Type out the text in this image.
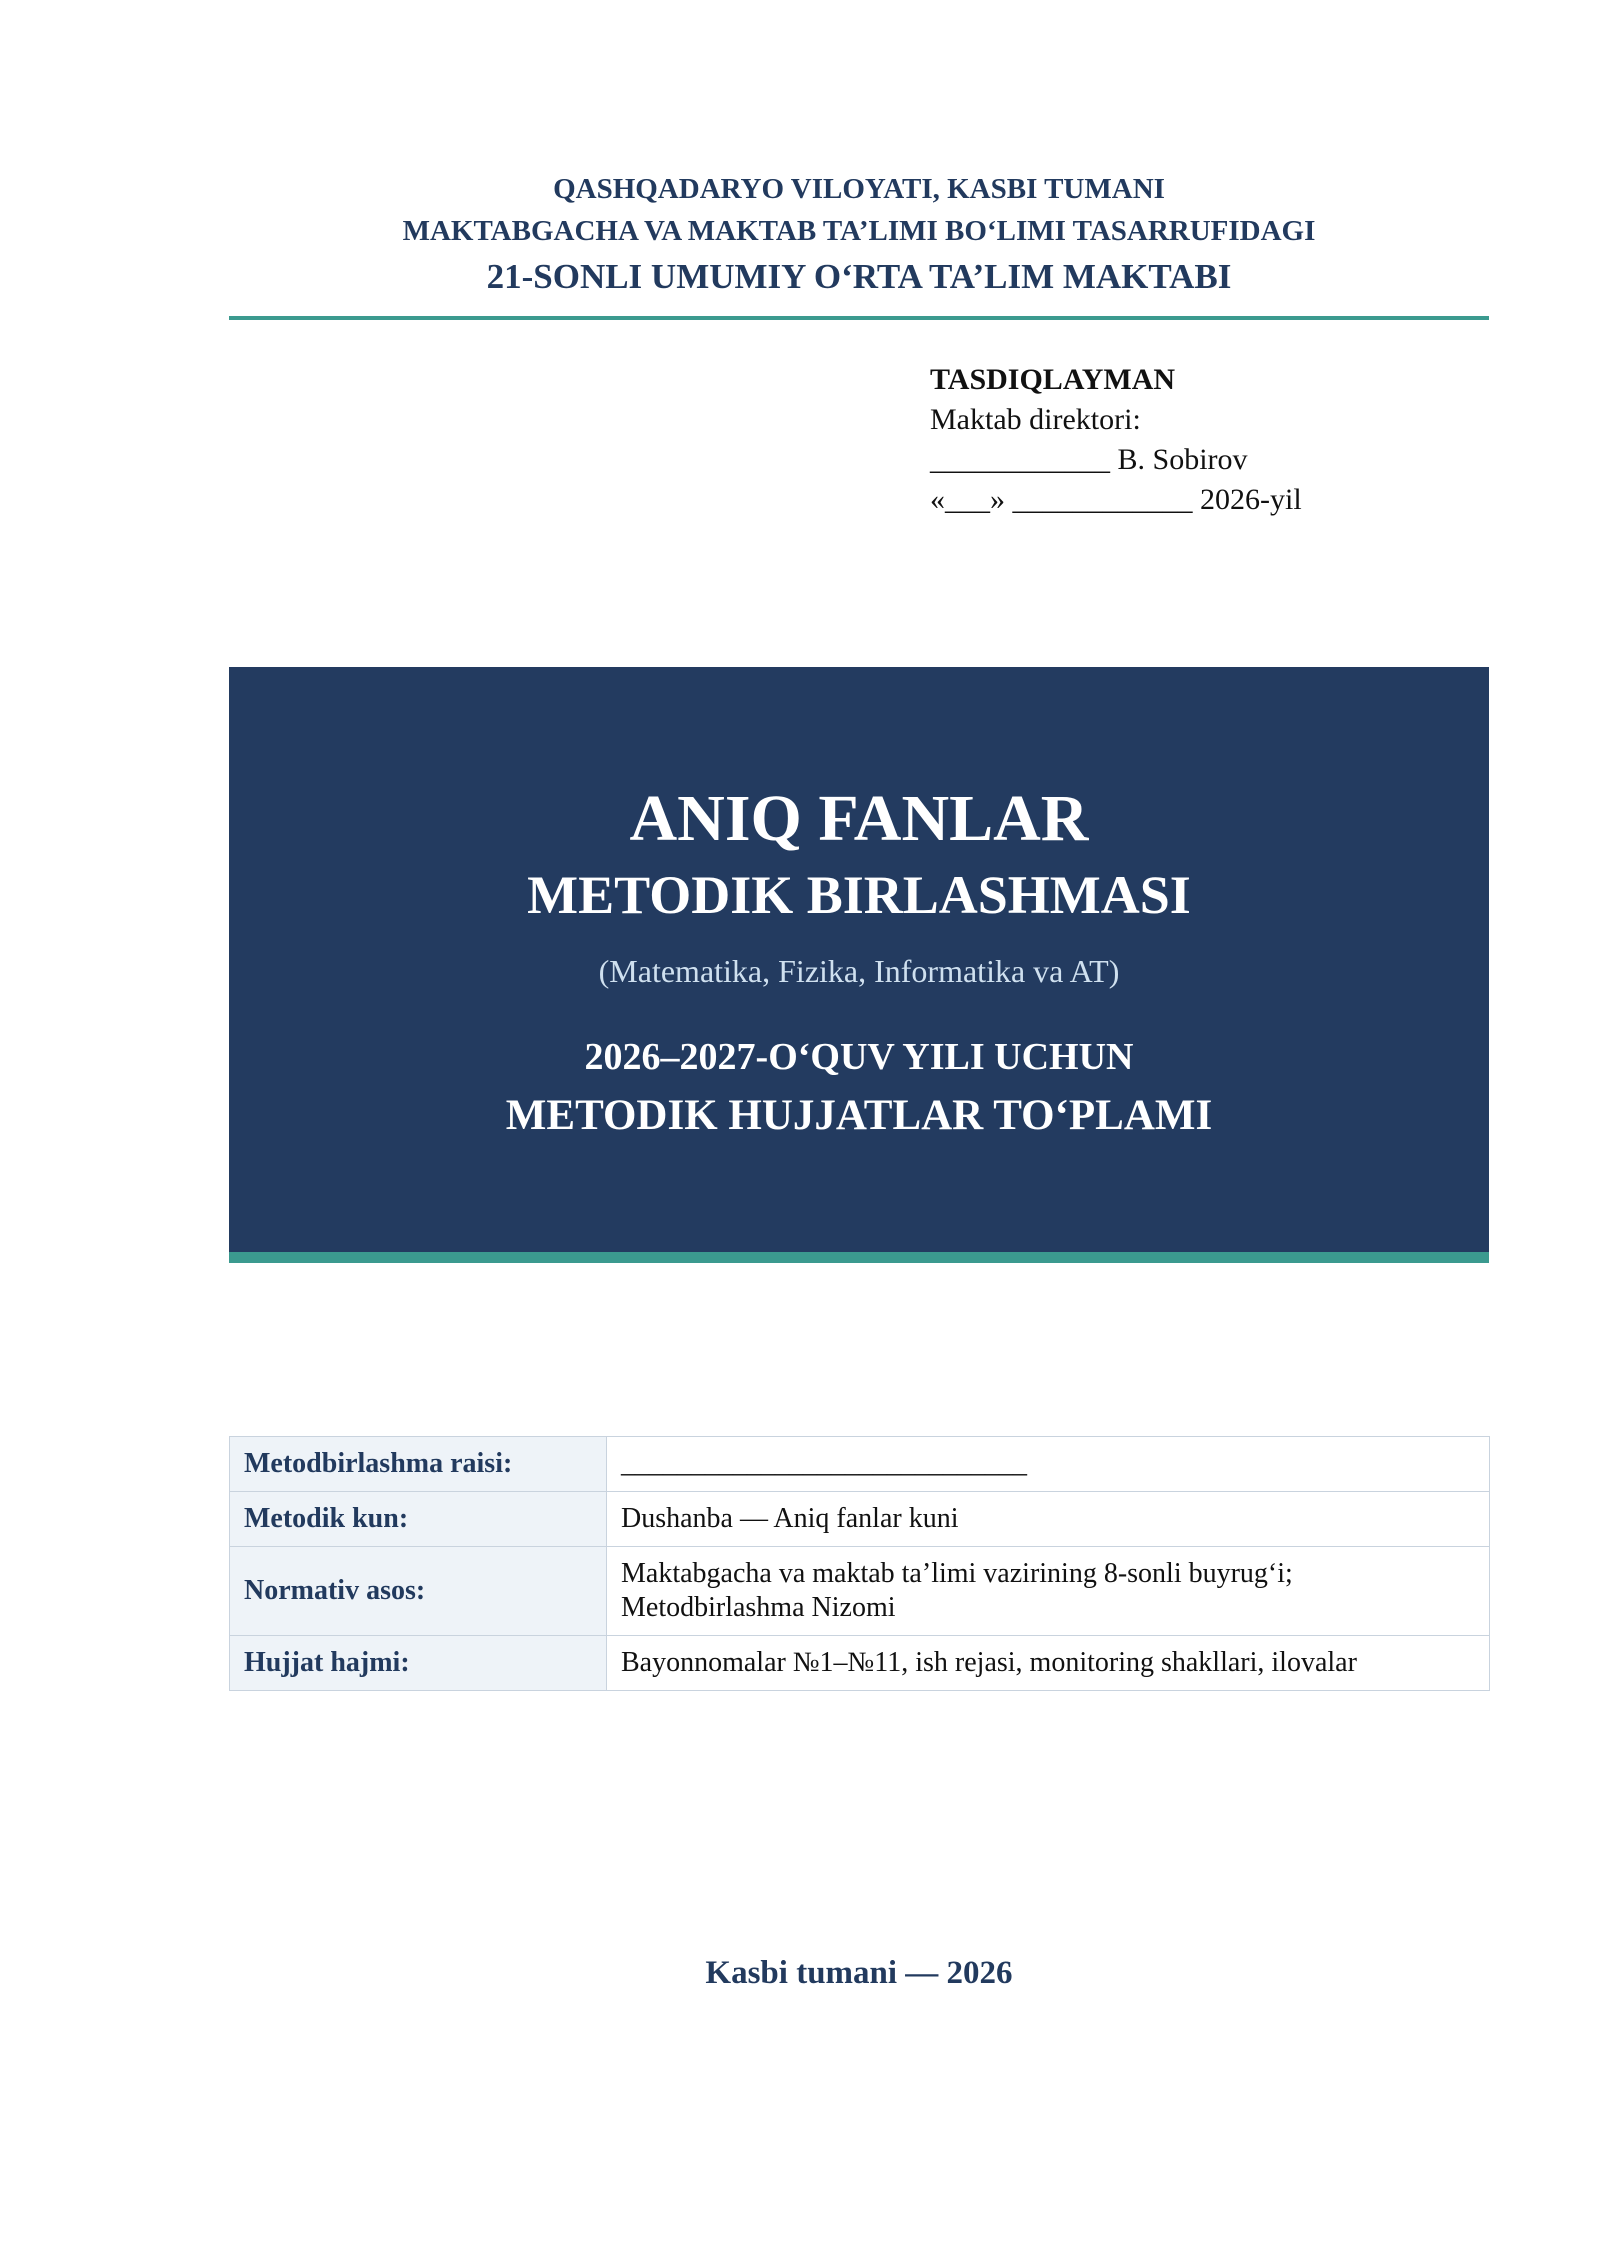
QASHQADARYO VILOYATI, KASBI TUMANI
MAKTABGACHA VA MAKTAB TA’LIMI BO‘LIMI TASARRUFIDAGI
21-SONLI UMUMIY O‘RTA TA’LIM MAKTABI
TASDIQLAYMAN
Maktab direktori:
____________ B. Sobirov
«___» ____________ 2026-yil
ANIQ FANLAR
METODIK BIRLASHMASI
(Matematika, Fizika, Informatika va AT)
2026–2027-O‘QUV YILI UCHUN
METODIK HUJJATLAR TO‘PLAMI
Metodbirlashma raisi:	_____________________________
Metodik kun:	Dushanba — Aniq fanlar kuni
Normativ asos:	Maktabgacha va maktab ta’limi vazirining 8-sonli buyrug‘i;
Metodbirlashma Nizomi

Hujjat hajmi:	Bayonnomalar №1–№11, ish rejasi, monitoring shakllari, ilovalar
Kasbi tumani — 2026
